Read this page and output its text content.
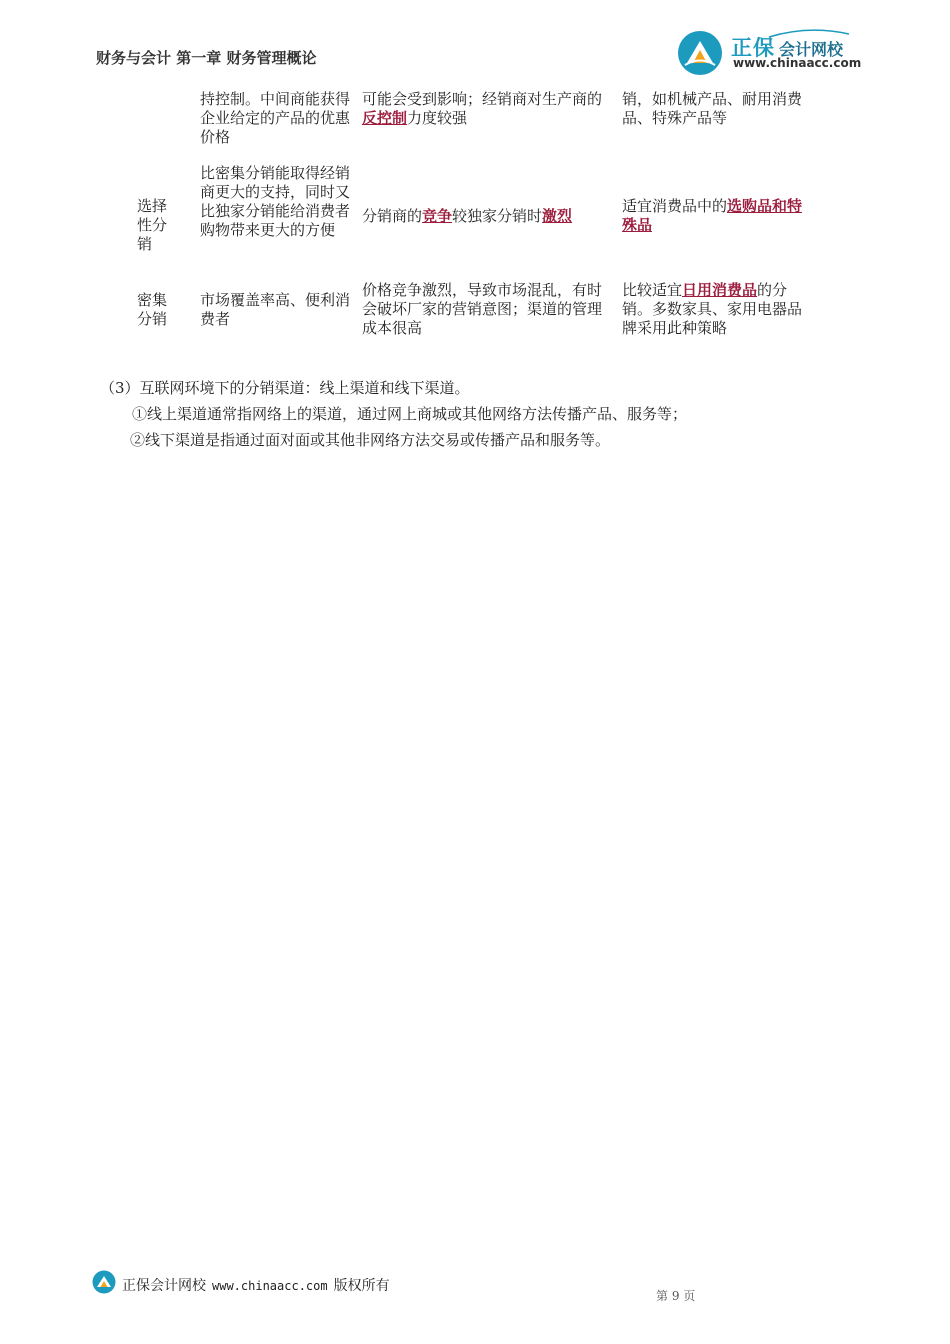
财务与会计 第一章 财务管理概论	正保 会计网校
www.chinaacc.com
持控制。中间商能获得企业给定的产品的优惠价格
可能会受到影响；经销商对生产商的反控制力度较强
销，如机械产品、耐用消费品、特殊产品等
选择性分销
比密集分销能取得经销商更大的支持，同时又比独家分销能给消费者购物带来更大的方便
分销商的竞争较独家分销时激烈
适宜消费品中的选购品和特殊品
密集分销
市场覆盖率高、便利消费者
价格竞争激烈，导致市场混乱，有时会破坏厂家的营销意图；渠道的管理成本很高
比较适宜日用消费品的分销。多数家具、家用电器品牌采用此种策略
（3）互联网环境下的分销渠道：线上渠道和线下渠道。
①线上渠道通常指网络上的渠道，通过网上商城或其他网络方法传播产品、服务等；
②线下渠道是指通过面对面或其他非网络方法交易或传播产品和服务等。
正保会计网校 www.chinaacc.com 版权所有
第 9 页
